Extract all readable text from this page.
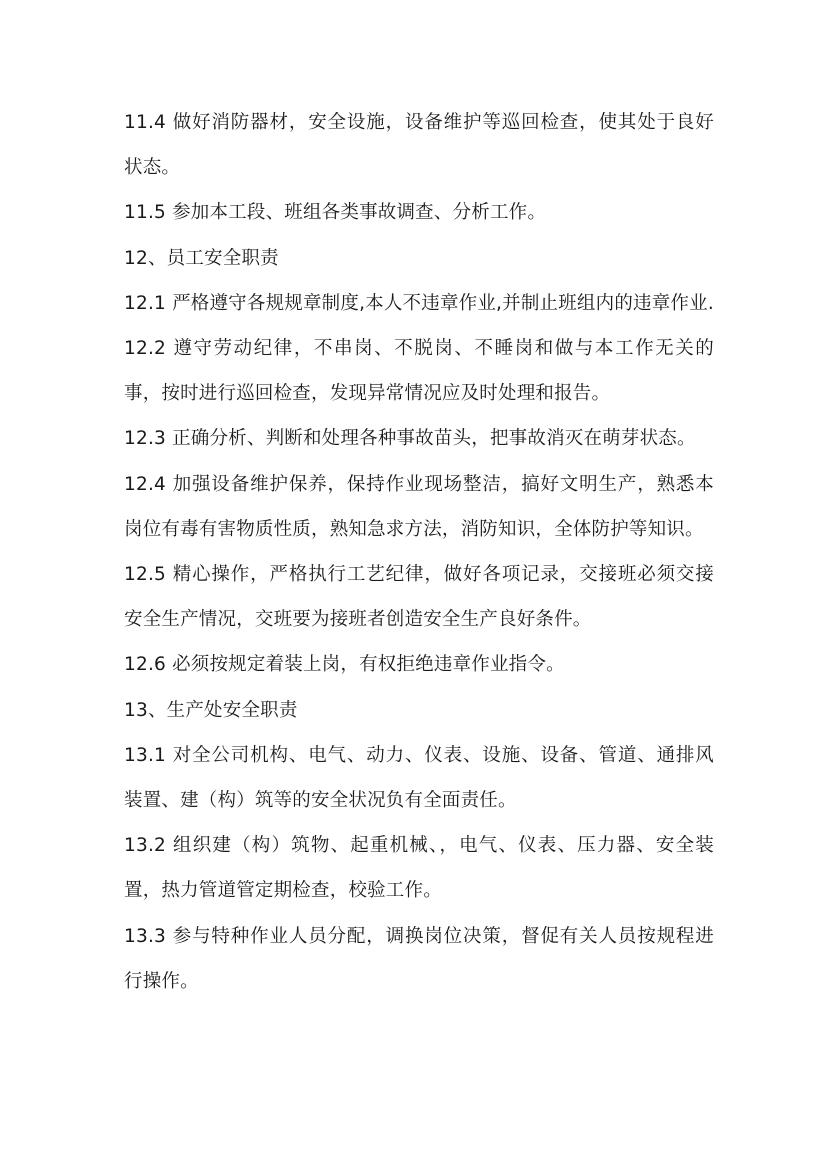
11.4 做好消防器材，安全设施，设备维护等巡回检查，使其处于良好状态。

11.5 参加本工段、班组各类事故调查、分析工作。

12、员工安全职责

12.1 严格遵守各规规章制度,本人不违章作业,并制止班组内的违章作业.

12.2 遵守劳动纪律，不串岗、不脱岗、不睡岗和做与本工作无关的事，按时进行巡回检查，发现异常情况应及时处理和报告。

12.3 正确分析、判断和处理各种事故苗头，把事故消灭在萌芽状态。

12.4 加强设备维护保养，保持作业现场整洁，搞好文明生产，熟悉本岗位有毒有害物质性质，熟知急求方法，消防知识，全体防护等知识。

12.5 精心操作，严格执行工艺纪律，做好各项记录，交接班必须交接安全生产情况，交班要为接班者创造安全生产良好条件。

12.6 必须按规定着装上岗，有权拒绝违章作业指令。

13、生产处安全职责

13.1 对全公司机构、电气、动力、仪表、设施、设备、管道、通排风装置、建（构）筑等的安全状况负有全面责任。

13.2 组织建（构）筑物、起重机械、，电气、仪表、压力器、安全装置，热力管道管定期检查，校验工作。

13.3 参与特种作业人员分配，调换岗位决策，督促有关人员按规程进行操作。
